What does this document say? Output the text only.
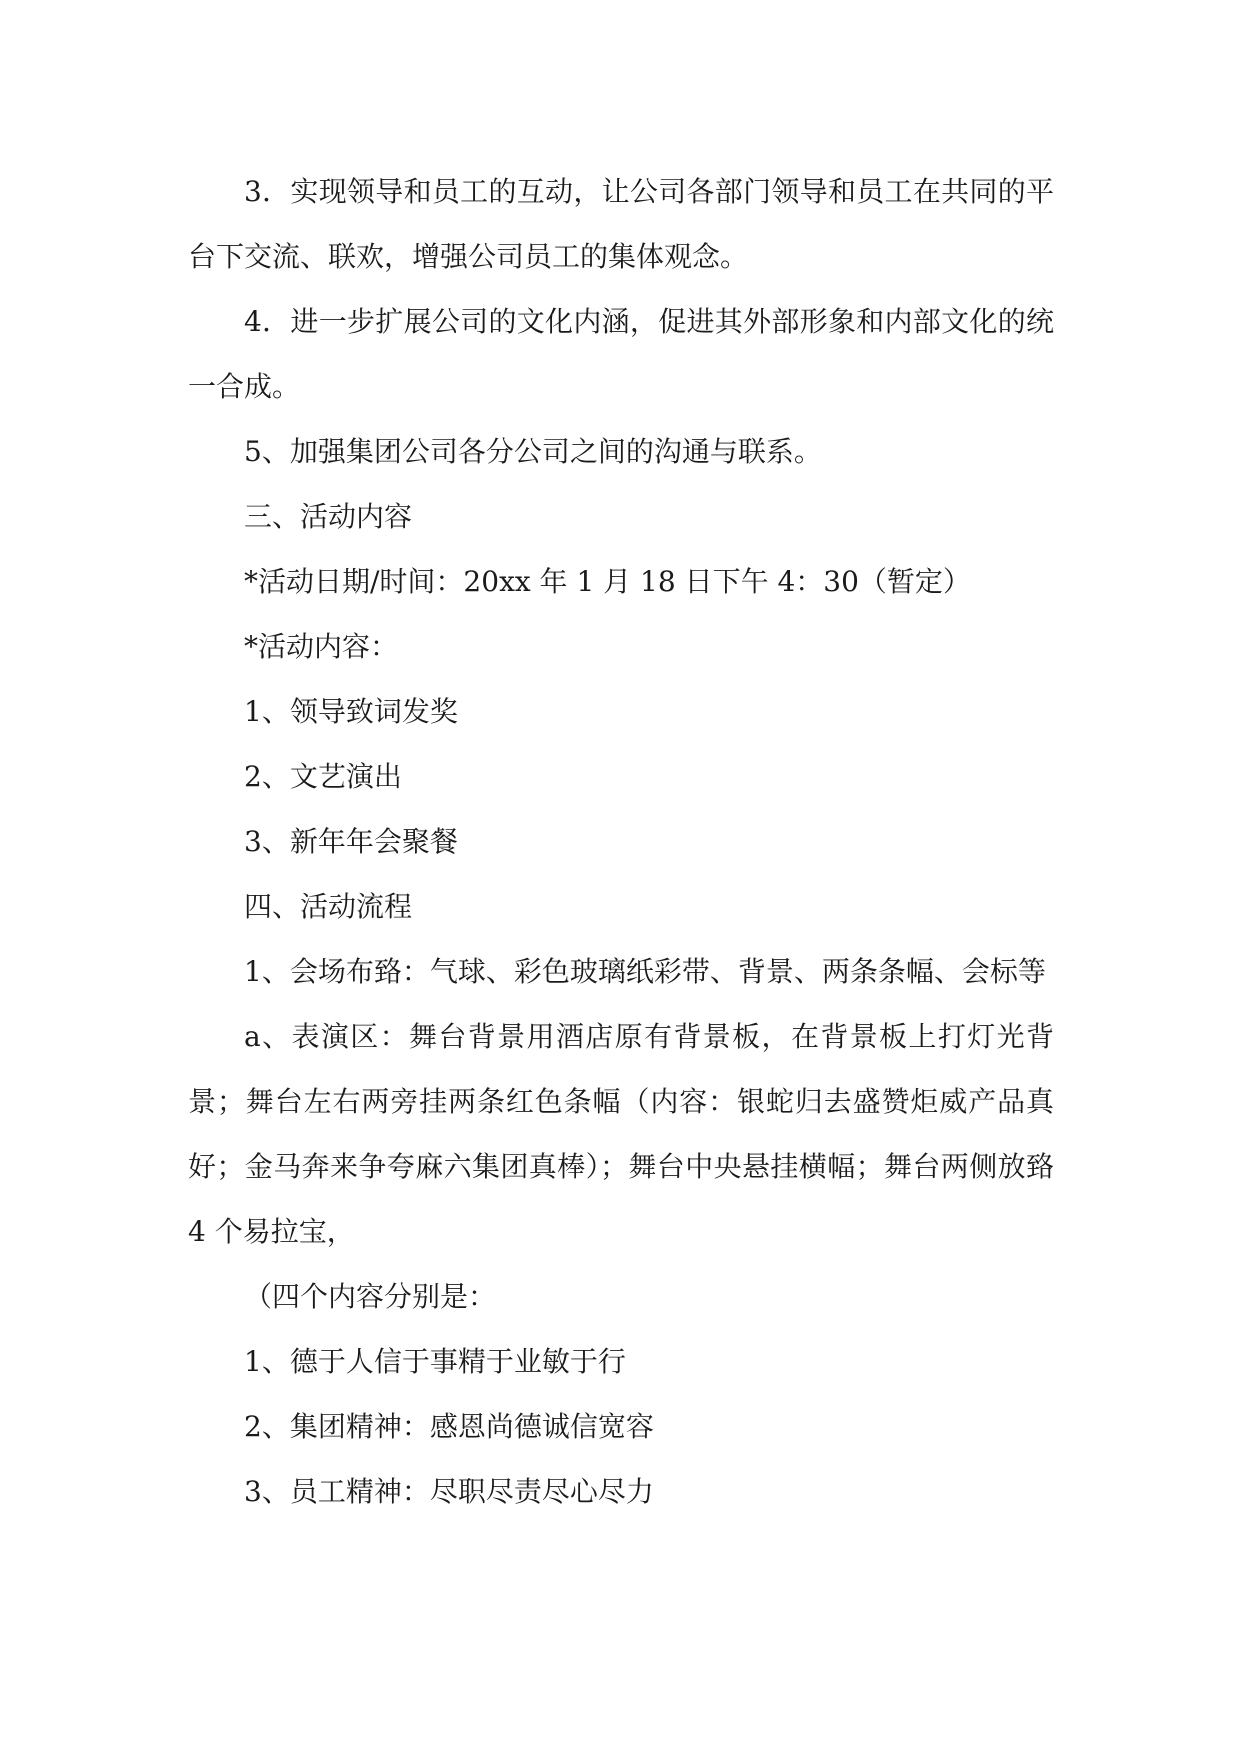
3．实现领导和员工的互动，让公司各部门领导和员工在共同的平台下交流、联欢，增强公司员工的集体观念。

4．进一步扩展公司的文化内涵，促进其外部形象和内部文化的统一合成。

5、加强集团公司各分公司之间的沟通与联系。

三、活动内容

*活动日期/时间：20xx 年 1 月 18 日下午 4：30（暂定）

*活动内容：

1、领导致词发奖

2、文艺演出

3、新年年会聚餐

四、活动流程

1、会场布臵：气球、彩色玻璃纸彩带、背景、两条条幅、会标等

a、表演区：舞台背景用酒店原有背景板，在背景板上打灯光背景；舞台左右两旁挂两条红色条幅（内容：银蛇归去盛赞炬威产品真好；金马奔来争夸麻六集团真棒）；舞台中央悬挂横幅；舞台两侧放臵 4 个易拉宝，

（四个内容分别是：

1、德于人信于事精于业敏于行

2、集团精神：感恩尚德诚信宽容

3、员工精神：尽职尽责尽心尽力
